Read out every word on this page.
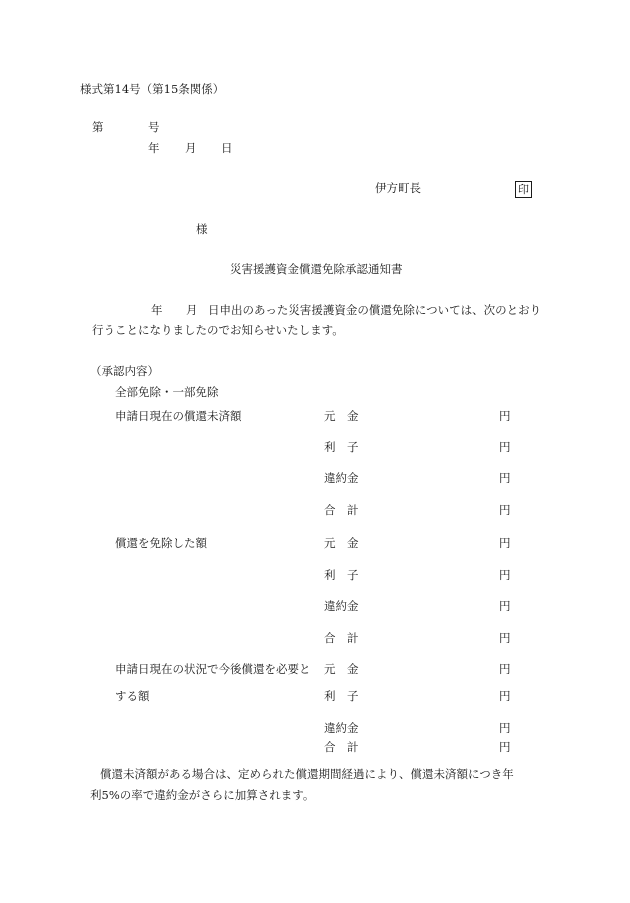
様式第14号（第15条関係）
第	号
年 月 日
伊方町長	印
様
災害援護資金償還免除承認通知書
年 月 日申出のあった災害援護資金の償還免除については、次のとおり
行うことになりましたのでお知らせいたします。
（承認内容）
全部免除・一部免除
申請日現在の償還未済額	元　金	円
利　子	円
違約金	円
合　計	円
償還を免除した額	元　金	円
利　子	円
違約金	円
合　計	円
申請日現在の状況で今後償還を必要と
する額
元　金	円
利　子	円
違約金	円
合　計	円
償還未済額がある場合は、定められた償還期間経過により、償還未済額につき年
利5%の率で違約金がさらに加算されます。
